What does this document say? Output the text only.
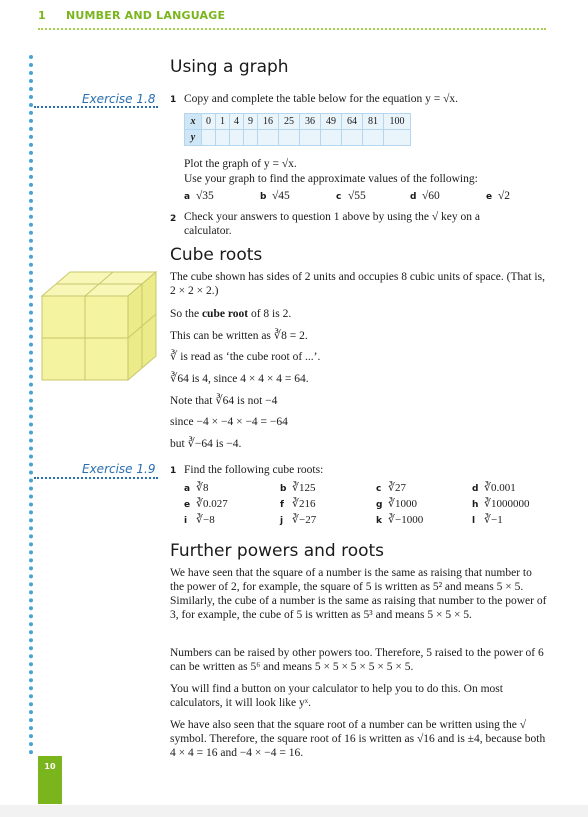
1 NUMBER AND LANGUAGE
Using a graph
Exercise 1.8 1 Copy and complete the table below for the equation y = √x.
x	0	1	4	9	16	25	36	49	64	81	100
y											
Plot the graph of y = √x.
Use your graph to find the approximate values of the following:
a √35	b √45	c √55	d √60	e √2
2 Check your answers to question 1 above by using the √ key on a calculator.
Cube roots
The cube shown has sides of 2 units and occupies 8 cubic units of space. (That is, 2 × 2 × 2.)
So the cube root of 8 is 2.
This can be written as ∛8 = 2.
∛ is read as ‘the cube root of ...’.
∛64 is 4, since 4 × 4 × 4 = 64.
Note that ∛64 is not −4
since −4 × −4 × −4 = −64
but ∛−64 is −4.
Exercise 1.9 1 Find the following cube roots:
a ∛8	b ∛125	c ∛27	d ∛0.001
e ∛0.027	f ∛216	g ∛1000	h ∛1000000
i ∛−8	j ∛−27	k ∛−1000	l ∛−1
Further powers and roots
We have seen that the square of a number is the same as raising that number to the power of 2, for example, the square of 5 is written as 5² and means 5 × 5. Similarly, the cube of a number is the same as raising that number to the power of 3, for example, the cube of 5 is written as 5³ and means 5 × 5 × 5.
Numbers can be raised by other powers too. Therefore, 5 raised to the power of 6 can be written as 5⁶ and means 5 × 5 × 5 × 5 × 5 × 5.
You will find a button on your calculator to help you to do this. On most calculators, it will look like yˣ.
We have also seen that the square root of a number can be written using the √ symbol. Therefore, the square root of 16 is written as √16 and is ±4, because both 4 × 4 = 16 and −4 × −4 = 16.
10
